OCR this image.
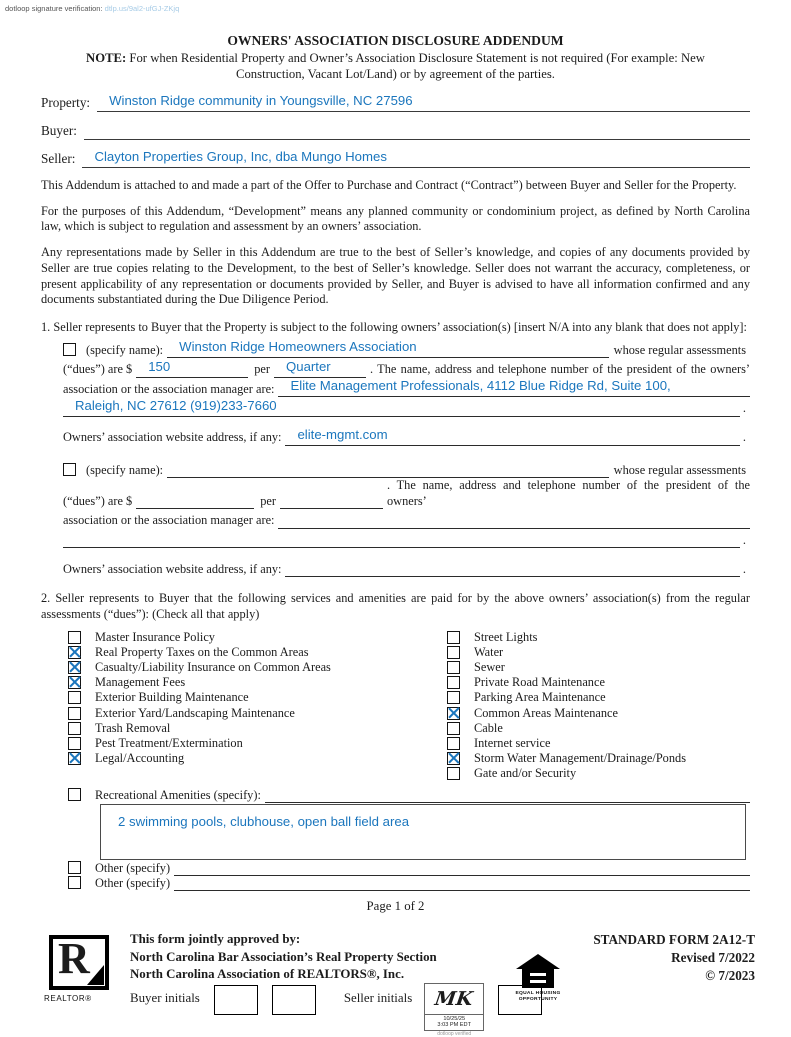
dotloop signature verification: dtlp.us/9al2-ufGJ-ZKjq
OWNERS' ASSOCIATION DISCLOSURE ADDENDUM
NOTE: For when Residential Property and Owner’s Association Disclosure Statement is not required (For example: New Construction, Vacant Lot/Land) or by agreement of the parties.
Property:	Winston Ridge community in Youngsville, NC 27596
Buyer:
Seller:	Clayton Properties Group, Inc, dba Mungo Homes

This Addendum is attached to and made a part of the Offer to Purchase and Contract (“Contract”) between Buyer and Seller for the Property.

For the purposes of this Addendum, “Development” means any planned community or condominium project, as defined by North Carolina law, which is subject to regulation and assessment by an owners’ association.

Any representations made by Seller in this Addendum are true to the best of Seller’s knowledge, and copies of any documents provided by Seller are true copies relating to the Development, to the best of Seller’s knowledge. Seller does not warrant the accuracy, completeness, or present applicability of any representation or documents provided by Seller, and Buyer is advised to have all information confirmed and any documents substantiated during the Due Diligence Period.

1. Seller represents to Buyer that the Property is subject to the following owners’ association(s) [insert N/A into any blank that does not apply]:
(specify name):	Winston Ridge Homeowners Association	whose regular assessments
(“dues”) are $	150	per	Quarter	. The name, address and telephone number of the president of the owners’
association or the association manager are:	Elite Management Professionals, 4112 Blue Ridge Rd, Suite 100,
Raleigh, NC 27612 (919)233-7660	.
Owners’ association website address, if any:	elite-mgmt.com	.
(specify name):	whose regular assessments
(“dues”) are $	per
. The name, address and telephone number of the president of the owners’
association or the association manager are:
.
Owners’ association website address, if any:	.
2. Seller represents to Buyer that the following services and amenities are paid for by the above owners’ association(s) from the regular assessments (“dues”): (Check all that apply)
Master Insurance Policy
Real Property Taxes on the Common Areas
Casualty/Liability Insurance on Common Areas
Management Fees
Exterior Building Maintenance
Exterior Yard/Landscaping Maintenance
Trash Removal
Pest Treatment/Extermination
Legal/Accounting
Street Lights
Water
Sewer
Private Road Maintenance
Parking Area Maintenance
Common Areas Maintenance
Cable
Internet service
Storm Water Management/Drainage/Ponds
Gate and/or Security
Recreational Amenities (specify):
2 swimming pools, clubhouse, open ball field area
Other (specify)
Other (specify)
Page 1 of 2
R
REALTOR®
This form jointly approved by:
North Carolina Bar Association’s Real Property Section
North Carolina Association of REALTORS®, Inc.
Buyer initials	Seller initials MK
10/25/25
3:03 PM EDT
dotloop verified
EQUAL HOUSING
OPPORTUNITY
STANDARD FORM 2A12-T
Revised 7/2022
© 7/2023
